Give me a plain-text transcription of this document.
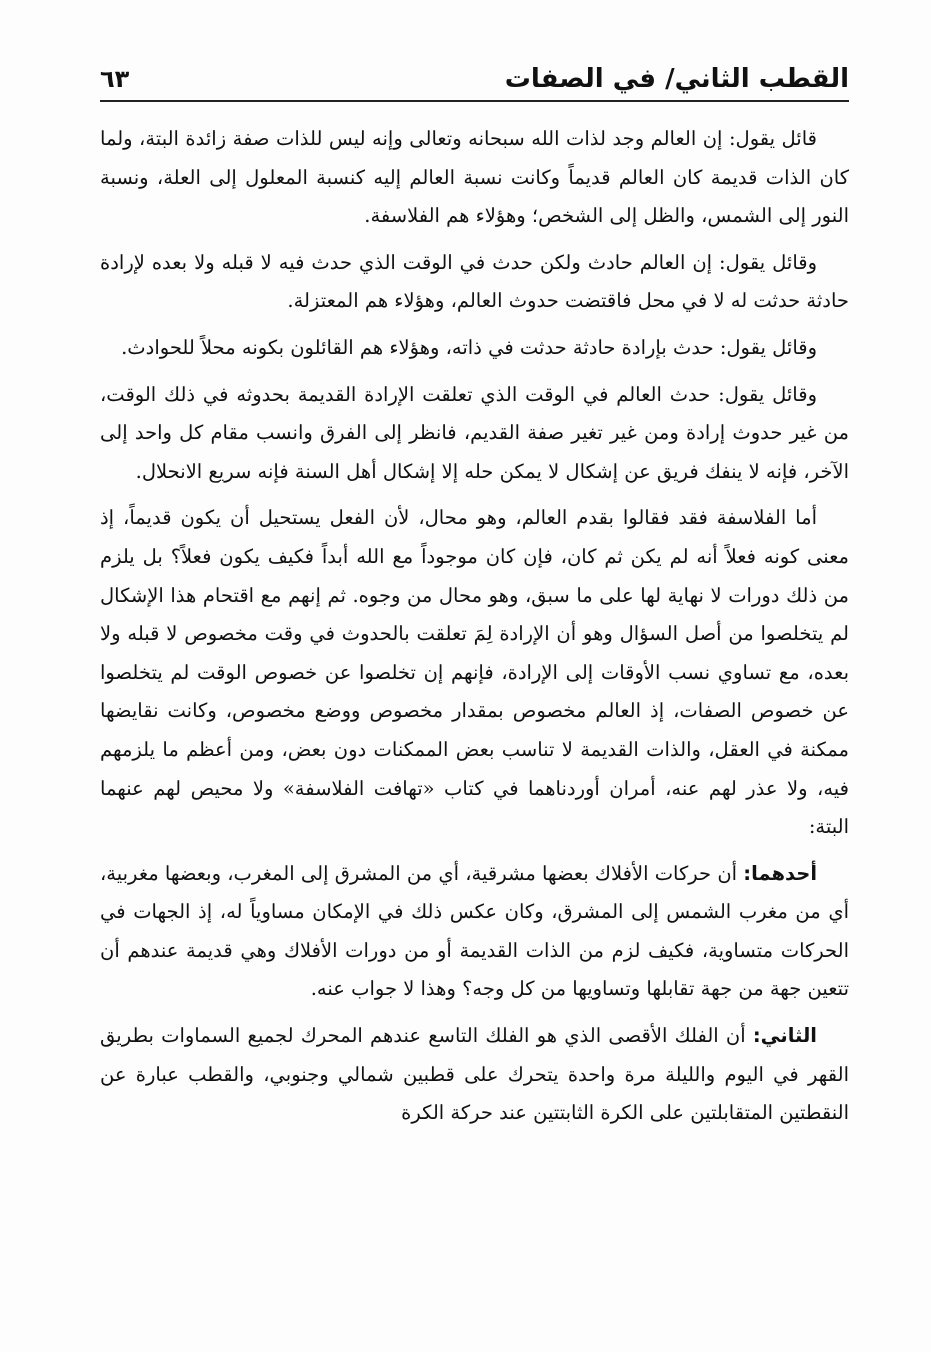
القطب الثاني/ في الصفات
٦٣

قائل يقول: إن العالم وجد لذات الله سبحانه وتعالى وإنه ليس للذات صفة زائدة البتة، ولما كان الذات قديمة كان العالم قديماً وكانت نسبة العالم إليه كنسبة المعلول إلى العلة، ونسبة النور إلى الشمس، والظل إلى الشخص؛ وهؤلاء هم الفلاسفة.

وقائل يقول: إن العالم حادث ولكن حدث في الوقت الذي حدث فيه لا قبله ولا بعده لإرادة حادثة حدثت له لا في محل فاقتضت حدوث العالم، وهؤلاء هم المعتزلة.

وقائل يقول: حدث بإرادة حادثة حدثت في ذاته، وهؤلاء هم القائلون بكونه محلاً للحوادث.

وقائل يقول: حدث العالم في الوقت الذي تعلقت الإرادة القديمة بحدوثه في ذلك الوقت، من غير حدوث إرادة ومن غير تغير صفة القديم، فانظر إلى الفرق وانسب مقام كل واحد إلى الآخر، فإنه لا ينفك فريق عن إشكال لا يمكن حله إلا إشكال أهل السنة فإنه سريع الانحلال.

أما الفلاسفة فقد فقالوا بقدم العالم، وهو محال، لأن الفعل يستحيل أن يكون قديماً، إذ معنى كونه فعلاً أنه لم يكن ثم كان، فإن كان موجوداً مع الله أبداً فكيف يكون فعلاً؟ بل يلزم من ذلك دورات لا نهاية لها على ما سبق، وهو محال من وجوه. ثم إنهم مع اقتحام هذا الإشكال لم يتخلصوا من أصل السؤال وهو أن الإرادة لِمَ تعلقت بالحدوث في وقت مخصوص لا قبله ولا بعده، مع تساوي نسب الأوقات إلى الإرادة، فإنهم إن تخلصوا عن خصوص الوقت لم يتخلصوا عن خصوص الصفات، إذ العالم مخصوص بمقدار مخصوص ووضع مخصوص، وكانت نقايضها ممكنة في العقل، والذات القديمة لا تناسب بعض الممكنات دون بعض، ومن أعظم ما يلزمهم فيه، ولا عذر لهم عنه، أمران أوردناهما في كتاب «تهافت الفلاسفة» ولا محيص لهم عنهما البتة:

أحدهما: أن حركات الأفلاك بعضها مشرقية، أي من المشرق إلى المغرب، وبعضها مغربية، أي من مغرب الشمس إلى المشرق، وكان عكس ذلك في الإمكان مساوياً له، إذ الجهات في الحركات متساوية، فكيف لزم من الذات القديمة أو من دورات الأفلاك وهي قديمة عندهم أن تتعين جهة من جهة تقابلها وتساويها من كل وجه؟ وهذا لا جواب عنه.

الثاني: أن الفلك الأقصى الذي هو الفلك التاسع عندهم المحرك لجميع السماوات بطريق القهر في اليوم والليلة مرة واحدة يتحرك على قطبين شمالي وجنوبي، والقطب عبارة عن النقطتين المتقابلتين على الكرة الثابتتين عند حركة الكرة
